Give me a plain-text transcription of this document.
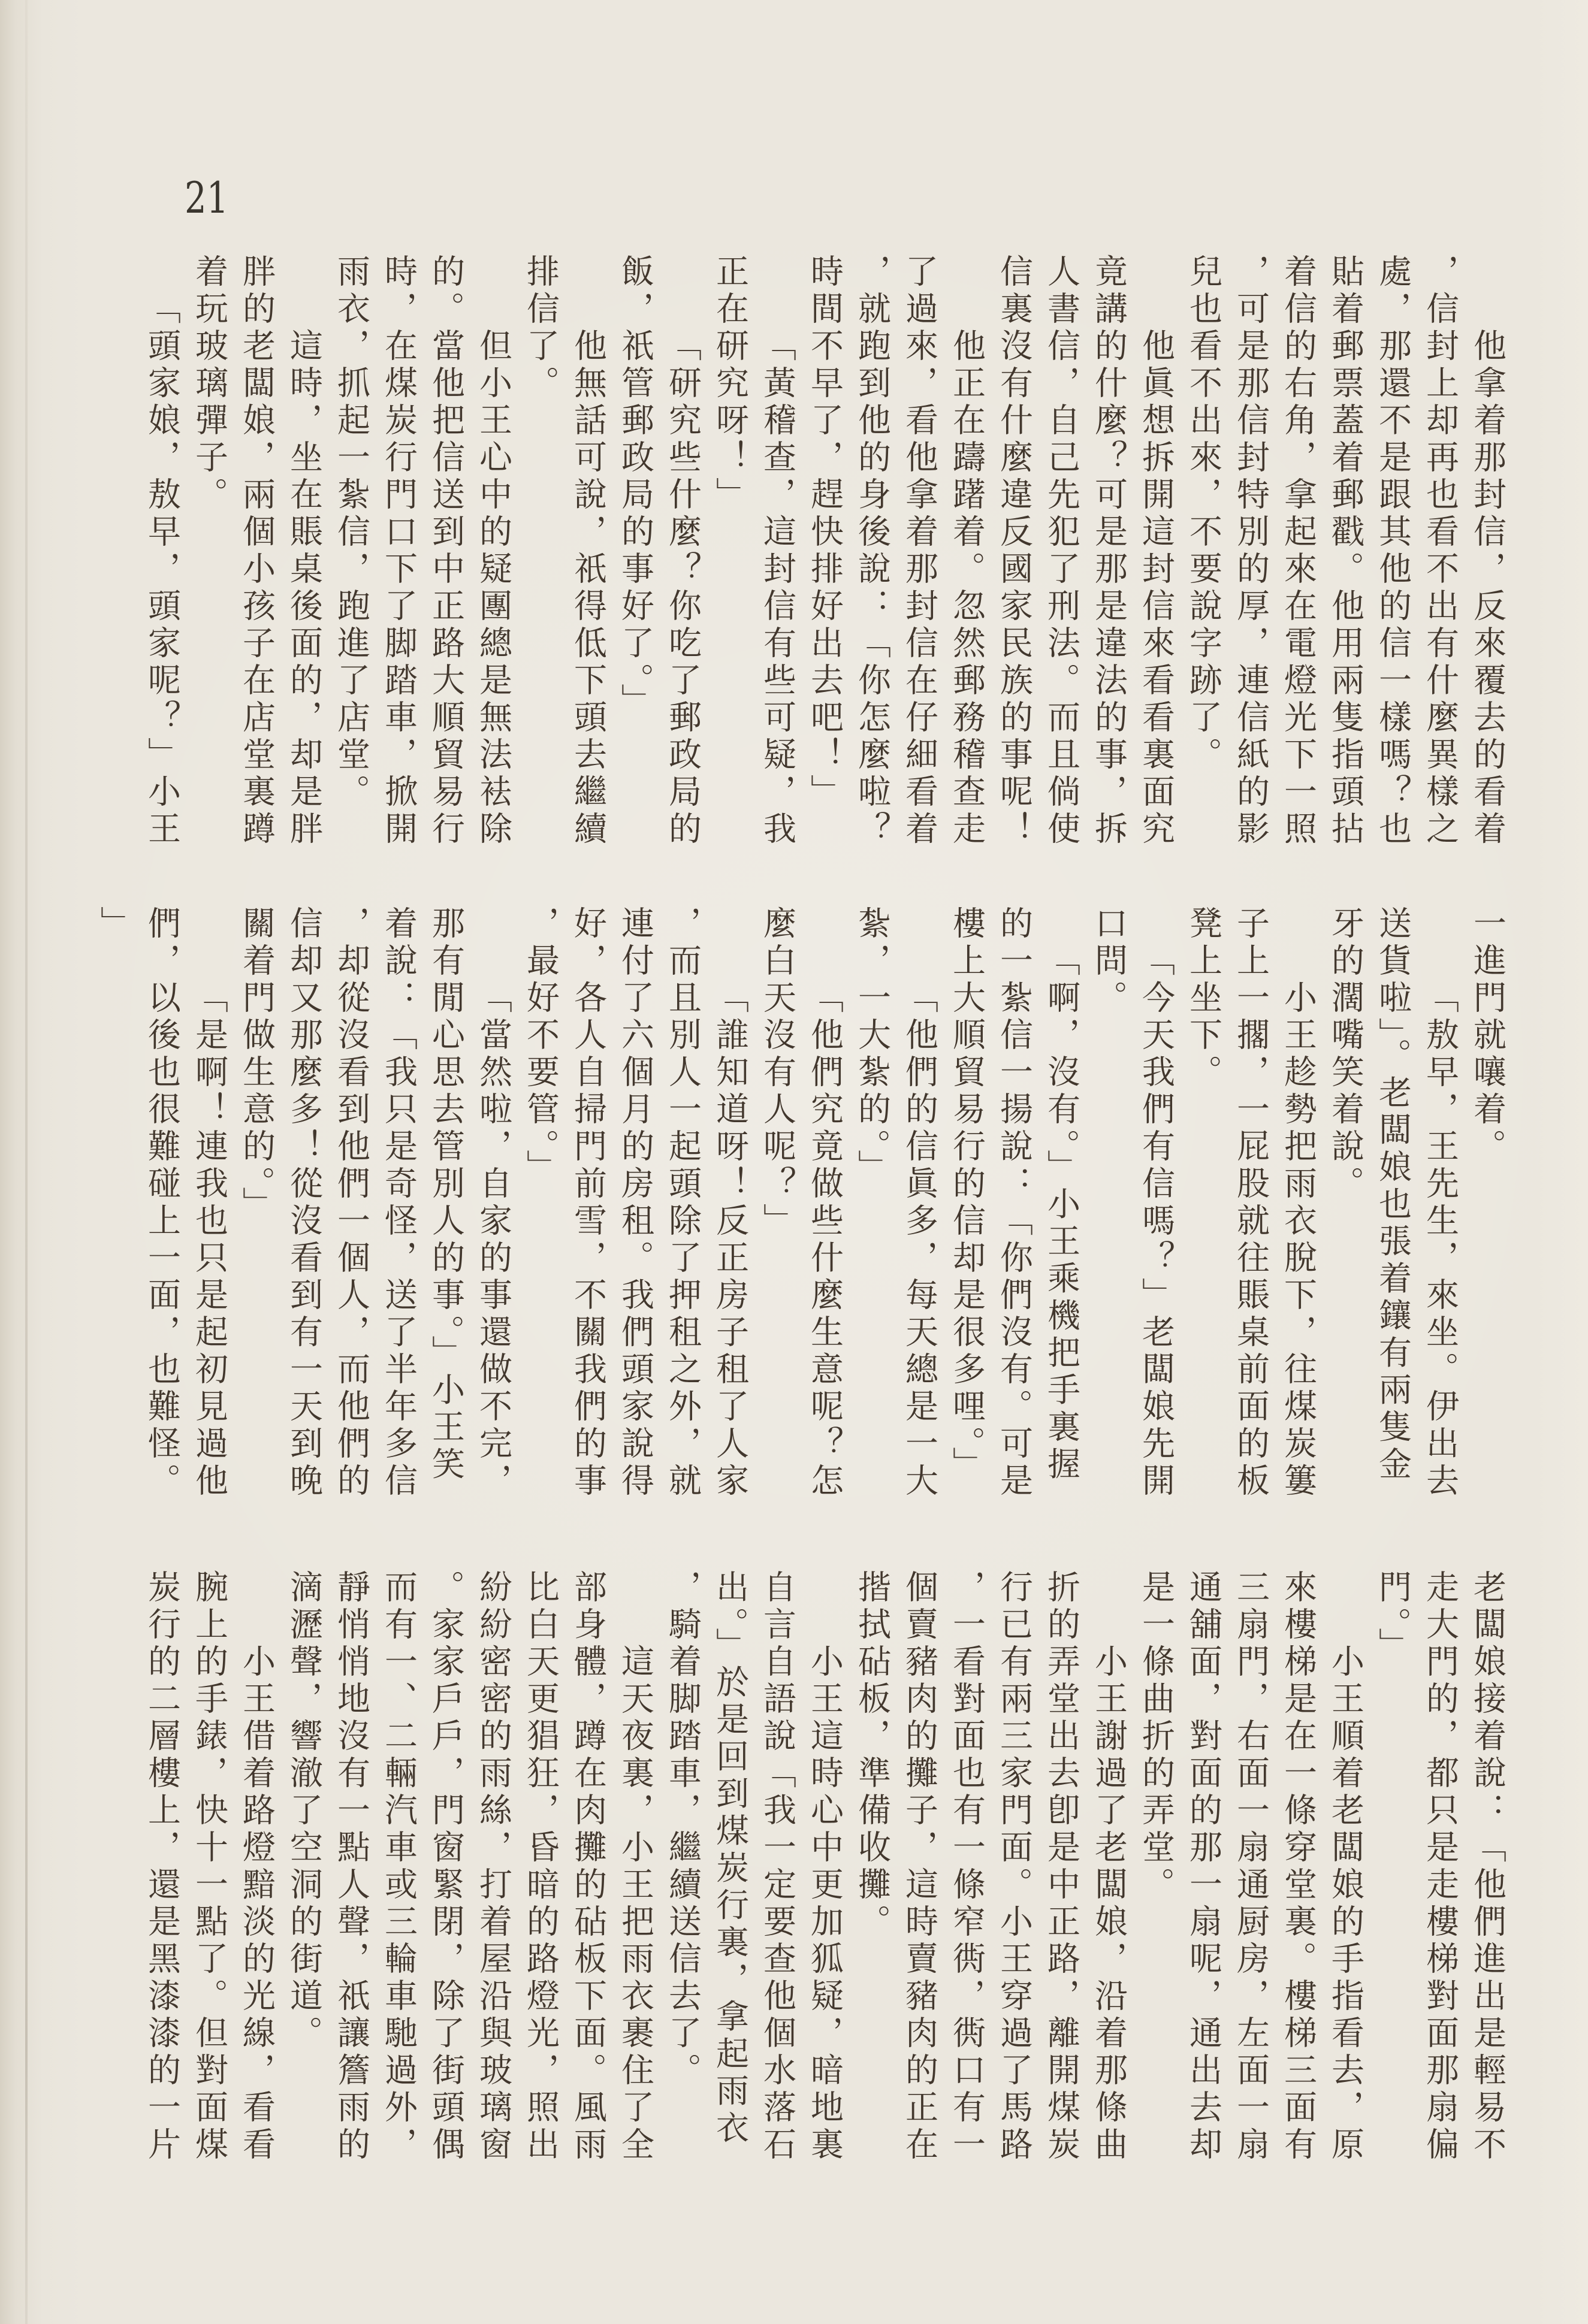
21

他拿着那封信，反來覆去的看着，信封上却再也看不出有什麼異樣之處，那還不是跟其他的信一樣嗎？也貼着郵票蓋着郵戳。他用兩隻指頭拈着信的右角，拿起來在電燈光下一照，可是那信封特別的厚，連信紙的影兒也看不出來，不要說字跡了。

他眞想拆開這封信來看看裏面究竟講的什麼？可是那是違法的事，拆人書信，自己先犯了刑法。而且倘使信裏沒有什麼違反國家民族的事呢！

他正在躊躇着。忽然郵務稽查走了過來，看他拿着那封信在仔細看着，就跑到他的身後說：「你怎麼啦？時間不早了，趕快排好出去吧！」

「黃稽查，這封信有些可疑，我正在研究呀！」

「研究些什麼？你吃了郵政局的飯，祇管郵政局的事好了。」

他無話可說，祇得低下頭去繼續排信了。

但小王心中的疑團總是無法袪除的。當他把信送到中正路大順貿易行時，在煤炭行門口下了脚踏車，掀開雨衣，抓起一紮信，跑進了店堂。

這時，坐在賬桌後面的，却是胖胖的老闆娘，兩個小孩子在店堂裏蹲着玩玻璃彈子。

「頭家娘，敖早，頭家呢？」小王

一進門就嚷着。

「敖早，王先生，來坐。伊出去送貨啦」。老闆娘也張着鑲有兩隻金牙的濶嘴笑着說。

小王趁勢把雨衣脫下，往煤炭簍子上一擱，一屁股就往賬桌前面的板凳上坐下。

「今天我們有信嗎？」老闆娘先開口問。

「啊，沒有。」小王乘機把手裏握的一紮信一揚說：「你們沒有。可是樓上大順貿易行的信却是很多哩。」

「他們的信眞多，每天總是一大紮，一大紮的。」

「他們究竟做些什麼生意呢？怎麼白天沒有人呢？」

「誰知道呀！反正房子租了人家，而且別人一起頭除了押租之外，就連付了六個月的房租。我們頭家說得好，各人自掃門前雪，不關我們的事，最好不要管。」

「當然啦，自家的事還做不完，那有閒心思去管別人的事。」小王笑着說：「我只是奇怪，送了半年多信，却從沒看到他們一個人，而他們的信却又那麼多！從沒看到有一天到晚關着門做生意的。」

「是啊！連我也只是起初見過他們，以後也很難碰上一面，也難怪。」

老闆娘接着說：「他們進出是輕易不走大門的，都只是走樓梯對面那扇偏門。」

小王順着老闆娘的手指看去，原來樓梯是在一條穿堂裏。樓梯三面有三扇門，右面一扇通厨房，左面一扇通舖面，對面的那一扇呢，通出去却是一條曲折的弄堂。

小王謝過了老闆娘，沿着那條曲折的弄堂出去卽是中正路，離開煤炭行已有兩三家門面。小王穿過了馬路，一看對面也有一條窄衖，衖口有一個賣豬肉的攤子，這時賣豬肉的正在揩拭砧板，準備收攤。

小王這時心中更加狐疑，暗地裏自言自語說「我一定要查他個水落石出。」於是回到煤炭行裏，拿起雨衣，騎着脚踏車，繼續送信去了。

這天夜裏，小王把雨衣裹住了全部身體，蹲在肉攤的砧板下面。風雨比白天更猖狂，昏暗的路燈光，照出紛紛密密的雨絲，打着屋沿與玻璃窗。家家戶戶，門窗緊閉，除了街頭偶而有一、二輛汽車或三輪車馳過外，靜悄悄地沒有一點人聲，祇讓簷雨的滴瀝聲，響澈了空洞的街道。

小王借着路燈黯淡的光線，看看腕上的手錶，快十一點了。但對面煤炭行的二層樓上，還是黑漆漆的一片
